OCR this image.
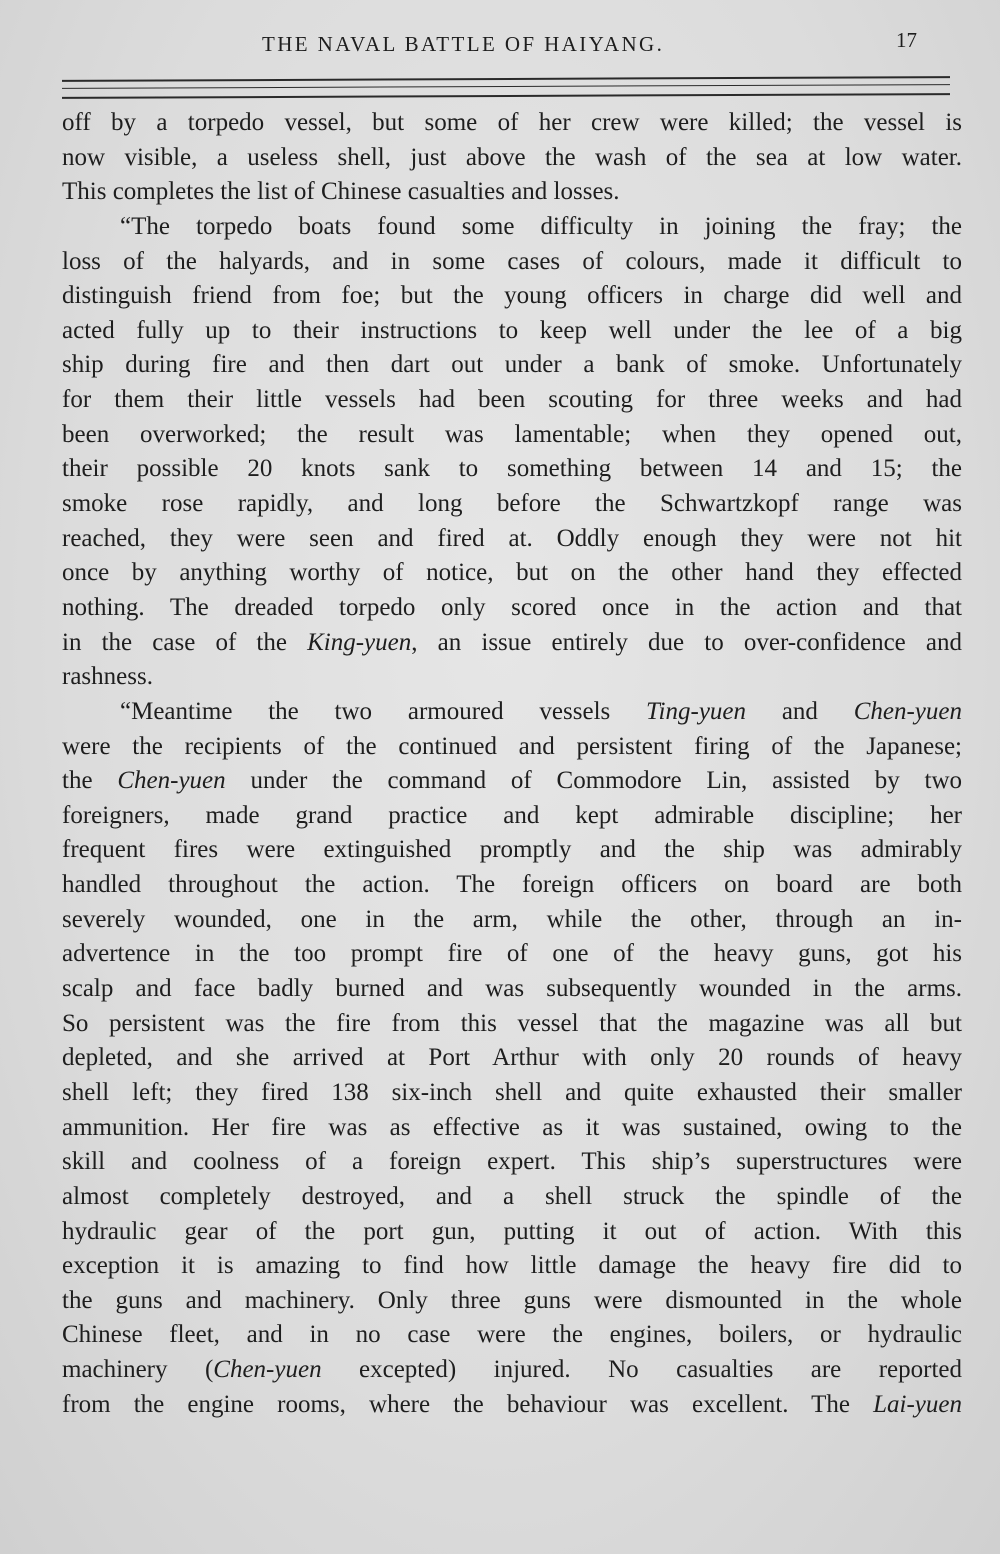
THE NAVAL BATTLE OF HAIYANG.	17
off by a torpedo vessel, but some of her crew were killed; the vessel is
now visible, a useless shell, just above the wash of the sea at low water.
This completes the list of Chinese casualties and losses.
“The torpedo boats found some difficulty in joining the fray; the
loss of the halyards, and in some cases of colours, made it difficult to
distinguish friend from foe; but the young officers in charge did well and
acted fully up to their instructions to keep well under the lee of a big
ship during fire and then dart out under a bank of smoke. Unfortunately
for them their little vessels had been scouting for three weeks and had
been overworked; the result was lamentable; when they opened out,
their possible 20 knots sank to something between 14 and 15; the
smoke rose rapidly, and long before the Schwartzkopf range was
reached, they were seen and fired at. Oddly enough they were not hit
once by anything worthy of notice, but on the other hand they effected
nothing. The dreaded torpedo only scored once in the action and that
in the case of the King-yuen, an issue entirely due to over-confidence and
rashness.
“Meantime the two armoured vessels Ting-yuen and Chen-yuen
were the recipients of the continued and persistent firing of the Japanese;
the Chen-yuen under the command of Commodore Lin, assisted by two
foreigners, made grand practice and kept admirable discipline; her
frequent fires were extinguished promptly and the ship was admirably
handled throughout the action. The foreign officers on board are both
severely wounded, one in the arm, while the other, through an in-
advertence in the too prompt fire of one of the heavy guns, got his
scalp and face badly burned and was subsequently wounded in the arms.
So persistent was the fire from this vessel that the magazine was all but
depleted, and she arrived at Port Arthur with only 20 rounds of heavy
shell left; they fired 138 six-inch shell and quite exhausted their smaller
ammunition. Her fire was as effective as it was sustained, owing to the
skill and coolness of a foreign expert. This ship’s superstructures were
almost completely destroyed, and a shell struck the spindle of the
hydraulic gear of the port gun, putting it out of action. With this
exception it is amazing to find how little damage the heavy fire did to
the guns and machinery. Only three guns were dismounted in the whole
Chinese fleet, and in no case were the engines, boilers, or hydraulic
machinery (Chen-yuen excepted) injured. No casualties are reported
from the engine rooms, where the behaviour was excellent. The Lai-yuen
